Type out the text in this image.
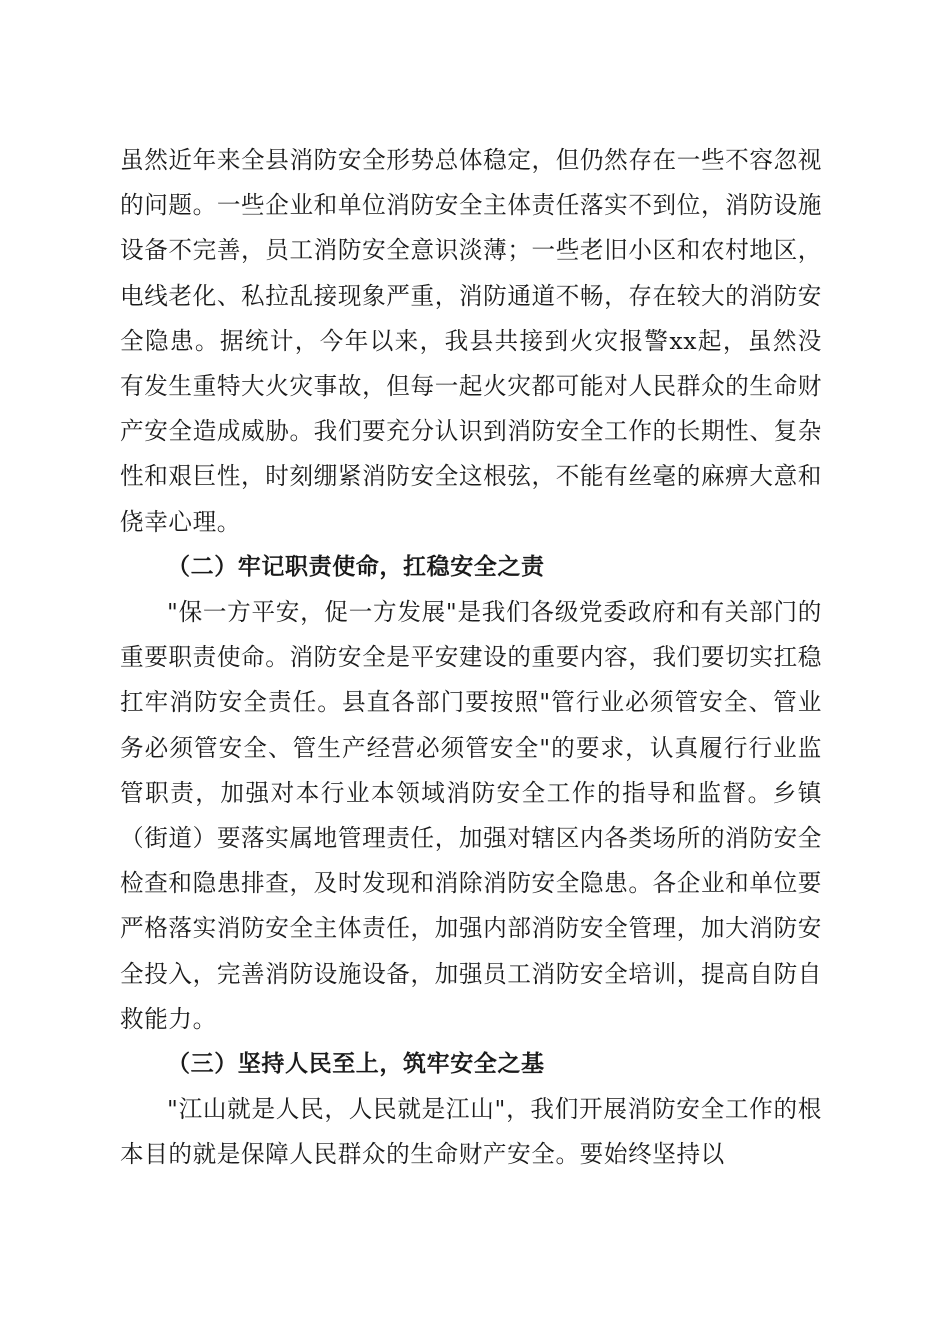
虽然近年来全县消防安全形势总体稳定，但仍然存在一些不容忽视的问题。一些企业和单位消防安全主体责任落实不到位，消防设施设备不完善，员工消防安全意识淡薄；一些老旧小区和农村地区，电线老化、私拉乱接现象严重，消防通道不畅，存在较大的消防安全隐患。据统计，今年以来，我县共接到火灾报警xx起，虽然没有发生重特大火灾事故，但每一起火灾都可能对人民群众的生命财产安全造成威胁。我们要充分认识到消防安全工作的长期性、复杂性和艰巨性，时刻绷紧消防安全这根弦，不能有丝毫的麻痹大意和侥幸心理。

（二）牢记职责使命，扛稳安全之责

"保一方平安，促一方发展"是我们各级党委政府和有关部门的重要职责使命。消防安全是平安建设的重要内容，我们要切实扛稳扛牢消防安全责任。县直各部门要按照"管行业必须管安全、管业务必须管安全、管生产经营必须管安全"的要求，认真履行行业监管职责，加强对本行业本领域消防安全工作的指导和监督。乡镇（街道）要落实属地管理责任，加强对辖区内各类场所的消防安全检查和隐患排查，及时发现和消除消防安全隐患。各企业和单位要严格落实消防安全主体责任，加强内部消防安全管理，加大消防安全投入，完善消防设施设备，加强员工消防安全培训，提高自防自救能力。

（三）坚持人民至上，筑牢安全之基

"江山就是人民，人民就是江山"，我们开展消防安全工作的根本目的就是保障人民群众的生命财产安全。要始终坚持以
